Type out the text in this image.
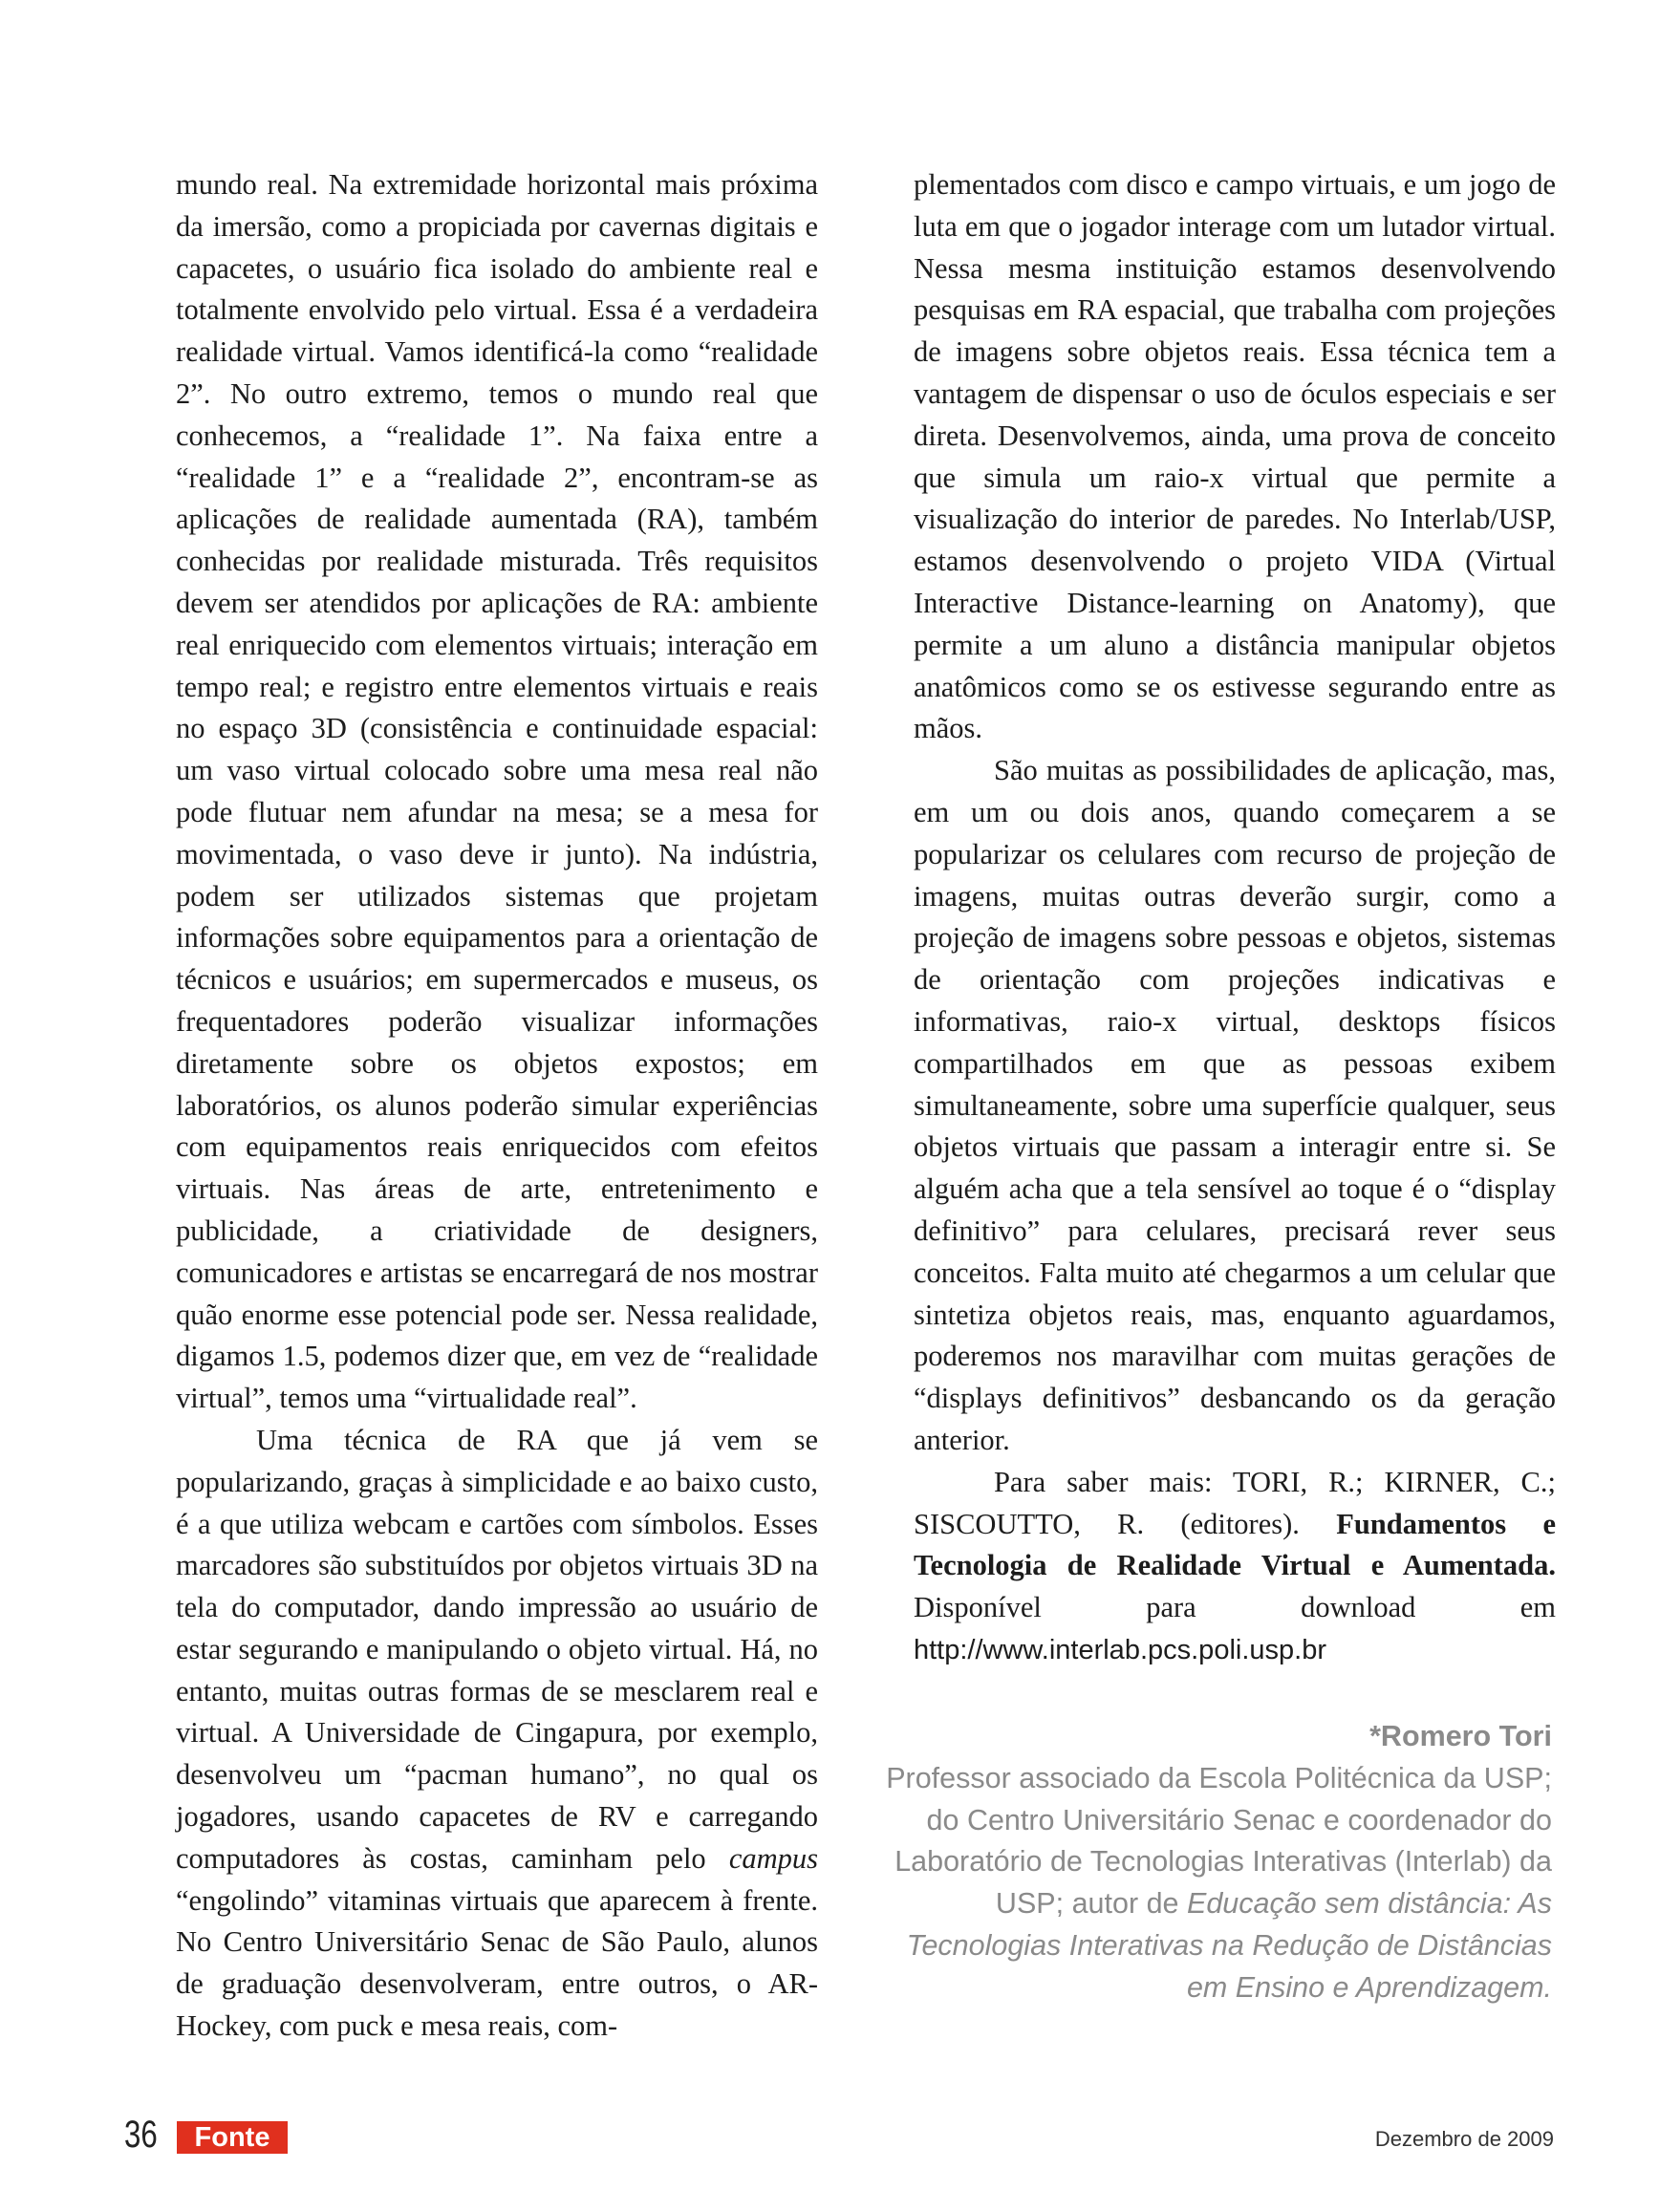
mundo real. Na extremidade horizontal mais próxima da imersão, como a propiciada por cavernas digitais e capacetes, o usuário fica isolado do ambiente real e totalmente envolvido pelo virtual. Essa é a verdadeira realidade virtual. Vamos identificá-la como “realidade 2”. No outro extremo, temos o mundo real que conhecemos, a “realidade 1”. Na faixa entre a “realidade 1” e a “realidade 2”, encontram-se as aplicações de realidade aumentada (RA), também conhecidas por realidade misturada. Três requisitos devem ser atendidos por aplicações de RA: ambiente real enriquecido com elementos virtuais; interação em tempo real; e registro entre elementos virtuais e reais no espaço 3D (consistência e continuidade espacial: um vaso virtual colocado sobre uma mesa real não pode flutuar nem afundar na mesa; se a mesa for movimentada, o vaso deve ir junto). Na indústria, podem ser utilizados sistemas que projetam informações sobre equipamentos para a orientação de técnicos e usuários; em supermercados e museus, os frequentadores poderão visualizar informações diretamente sobre os objetos expostos; em laboratórios, os alunos poderão simular experiências com equipamentos reais enriquecidos com efeitos virtuais. Nas áreas de arte, entretenimento e publicidade, a criatividade de designers, comunicadores e artistas se encarregará de nos mostrar quão enorme esse potencial pode ser. Nessa realidade, digamos 1.5, podemos dizer que, em vez de “realidade virtual”, temos uma “virtualidade real”.

Uma técnica de RA que já vem se popularizando, graças à simplicidade e ao baixo custo, é a que utiliza webcam e cartões com símbolos. Esses marcadores são substituídos por objetos virtuais 3D na tela do computador, dando impressão ao usuário de estar segurando e manipulando o objeto virtual. Há, no entanto, muitas outras formas de se mesclarem real e virtual. A Universidade de Cingapura, por exemplo, desenvolveu um “pacman humano”, no qual os jogadores, usando capacetes de RV e carregando computadores às costas, caminham pelo campus “engolindo” vitaminas virtuais que aparecem à frente. No Centro Universitário Senac de São Paulo, alunos de graduação desenvolveram, entre outros, o AR-Hockey, com puck e mesa reais, com-

plementados com disco e campo virtuais, e um jogo de luta em que o jogador interage com um lutador virtual. Nessa mesma instituição estamos desenvolvendo pesquisas em RA espacial, que trabalha com projeções de imagens sobre objetos reais. Essa técnica tem a vantagem de dispensar o uso de óculos especiais e ser direta. Desenvolvemos, ainda, uma prova de conceito que simula um raio-x virtual que permite a visualização do interior de paredes. No Interlab/USP, estamos desenvolvendo o projeto VIDA (Virtual Interactive Distance-learning on Anatomy), que permite a um aluno a distância manipular objetos anatômicos como se os estivesse segurando entre as mãos.

São muitas as possibilidades de aplicação, mas, em um ou dois anos, quando começarem a se popularizar os celulares com recurso de projeção de imagens, muitas outras deverão surgir, como a projeção de imagens sobre pessoas e objetos, sistemas de orientação com projeções indicativas e informativas, raio-x virtual, desktops físicos compartilhados em que as pessoas exibem simultaneamente, sobre uma superfície qualquer, seus objetos virtuais que passam a interagir entre si. Se alguém acha que a tela sensível ao toque é o “display definitivo” para celulares, precisará rever seus conceitos. Falta muito até chegarmos a um celular que sintetiza objetos reais, mas, enquanto aguardamos, poderemos nos maravilhar com muitas gerações de “displays definitivos” desbancando os da geração anterior.

Para saber mais: TORI, R.; KIRNER, C.; SISCOUTTO, R. (editores). Fundamentos e Tecnologia de Realidade Virtual e Aumentada. Disponível para download em http://www.interlab.pcs.poli.usp.br

*Romero Tori

Professor associado da Escola Politécnica da USP; do Centro Universitário Senac e coordenador do Laboratório de Tecnologias Interativas (Interlab) da USP; autor de Educação sem distância: As Tecnologias Interativas na Redução de Distâncias em Ensino e Aprendizagem.

36	Fonte	Dezembro de 2009
